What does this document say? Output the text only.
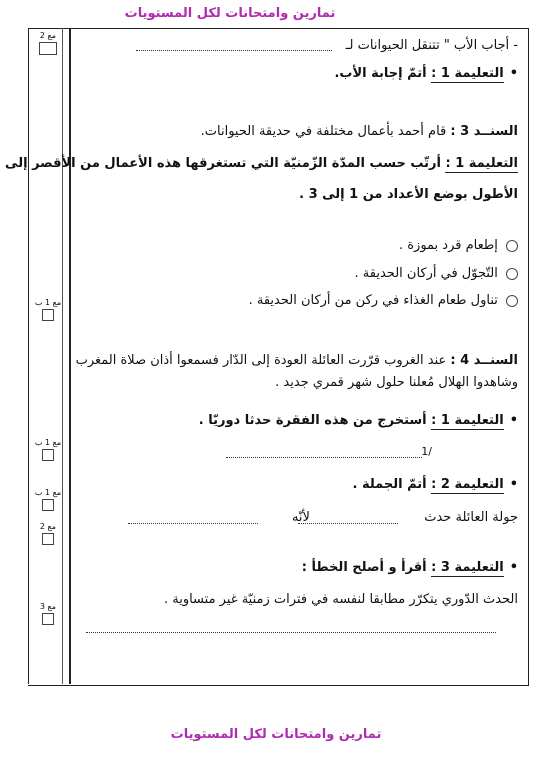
تمارين وامتحانات لكل المستويات
مع 2
مع 1 ب
مع 1 ب
مع 1 ب
مع 2
مع 3
- أجاب الأب " تتنقل الحيوانات لـ
•التعليمة 1 : أتمّ إجابة الأب.
السنــد 3 : قام أحمد بأعمال مختلفة في حديقة الحيوانات.
التعليمة 1 : أرتّب حسب المدّة الزّمنيّة التي تستغرقها هذه الأعمال من الأقصر إلى
الأطول بوضع الأعداد من 1 إلى 3 .
إطعام قرد بموزة .
التّجوّل في أركان الحديقة .
تناول طعام الغذاء في ركن من أركان الحديقة .
السنــد 4 : عند الغروب قرّرت العائلة العودة إلى الدّار فسمعوا أذان صلاة المغرب
وشاهدوا الهلال مُعلنا حلول شهر قمري جديد .
•التعليمة 1 : أستخرج من هذه الفقرة حدثا دوريّا .
/1
•التعليمة 2 : أتمّ الجملة .
جولة العائلة حدث  لأنّه
•التعليمة 3 : أقرأ و أصلح الخطأ :
الحدث الدّوري يتكرّر مطابقا لنفسه في فترات زمنيّة غير متساوية .
تمارين وامتحانات لكل المستويات
